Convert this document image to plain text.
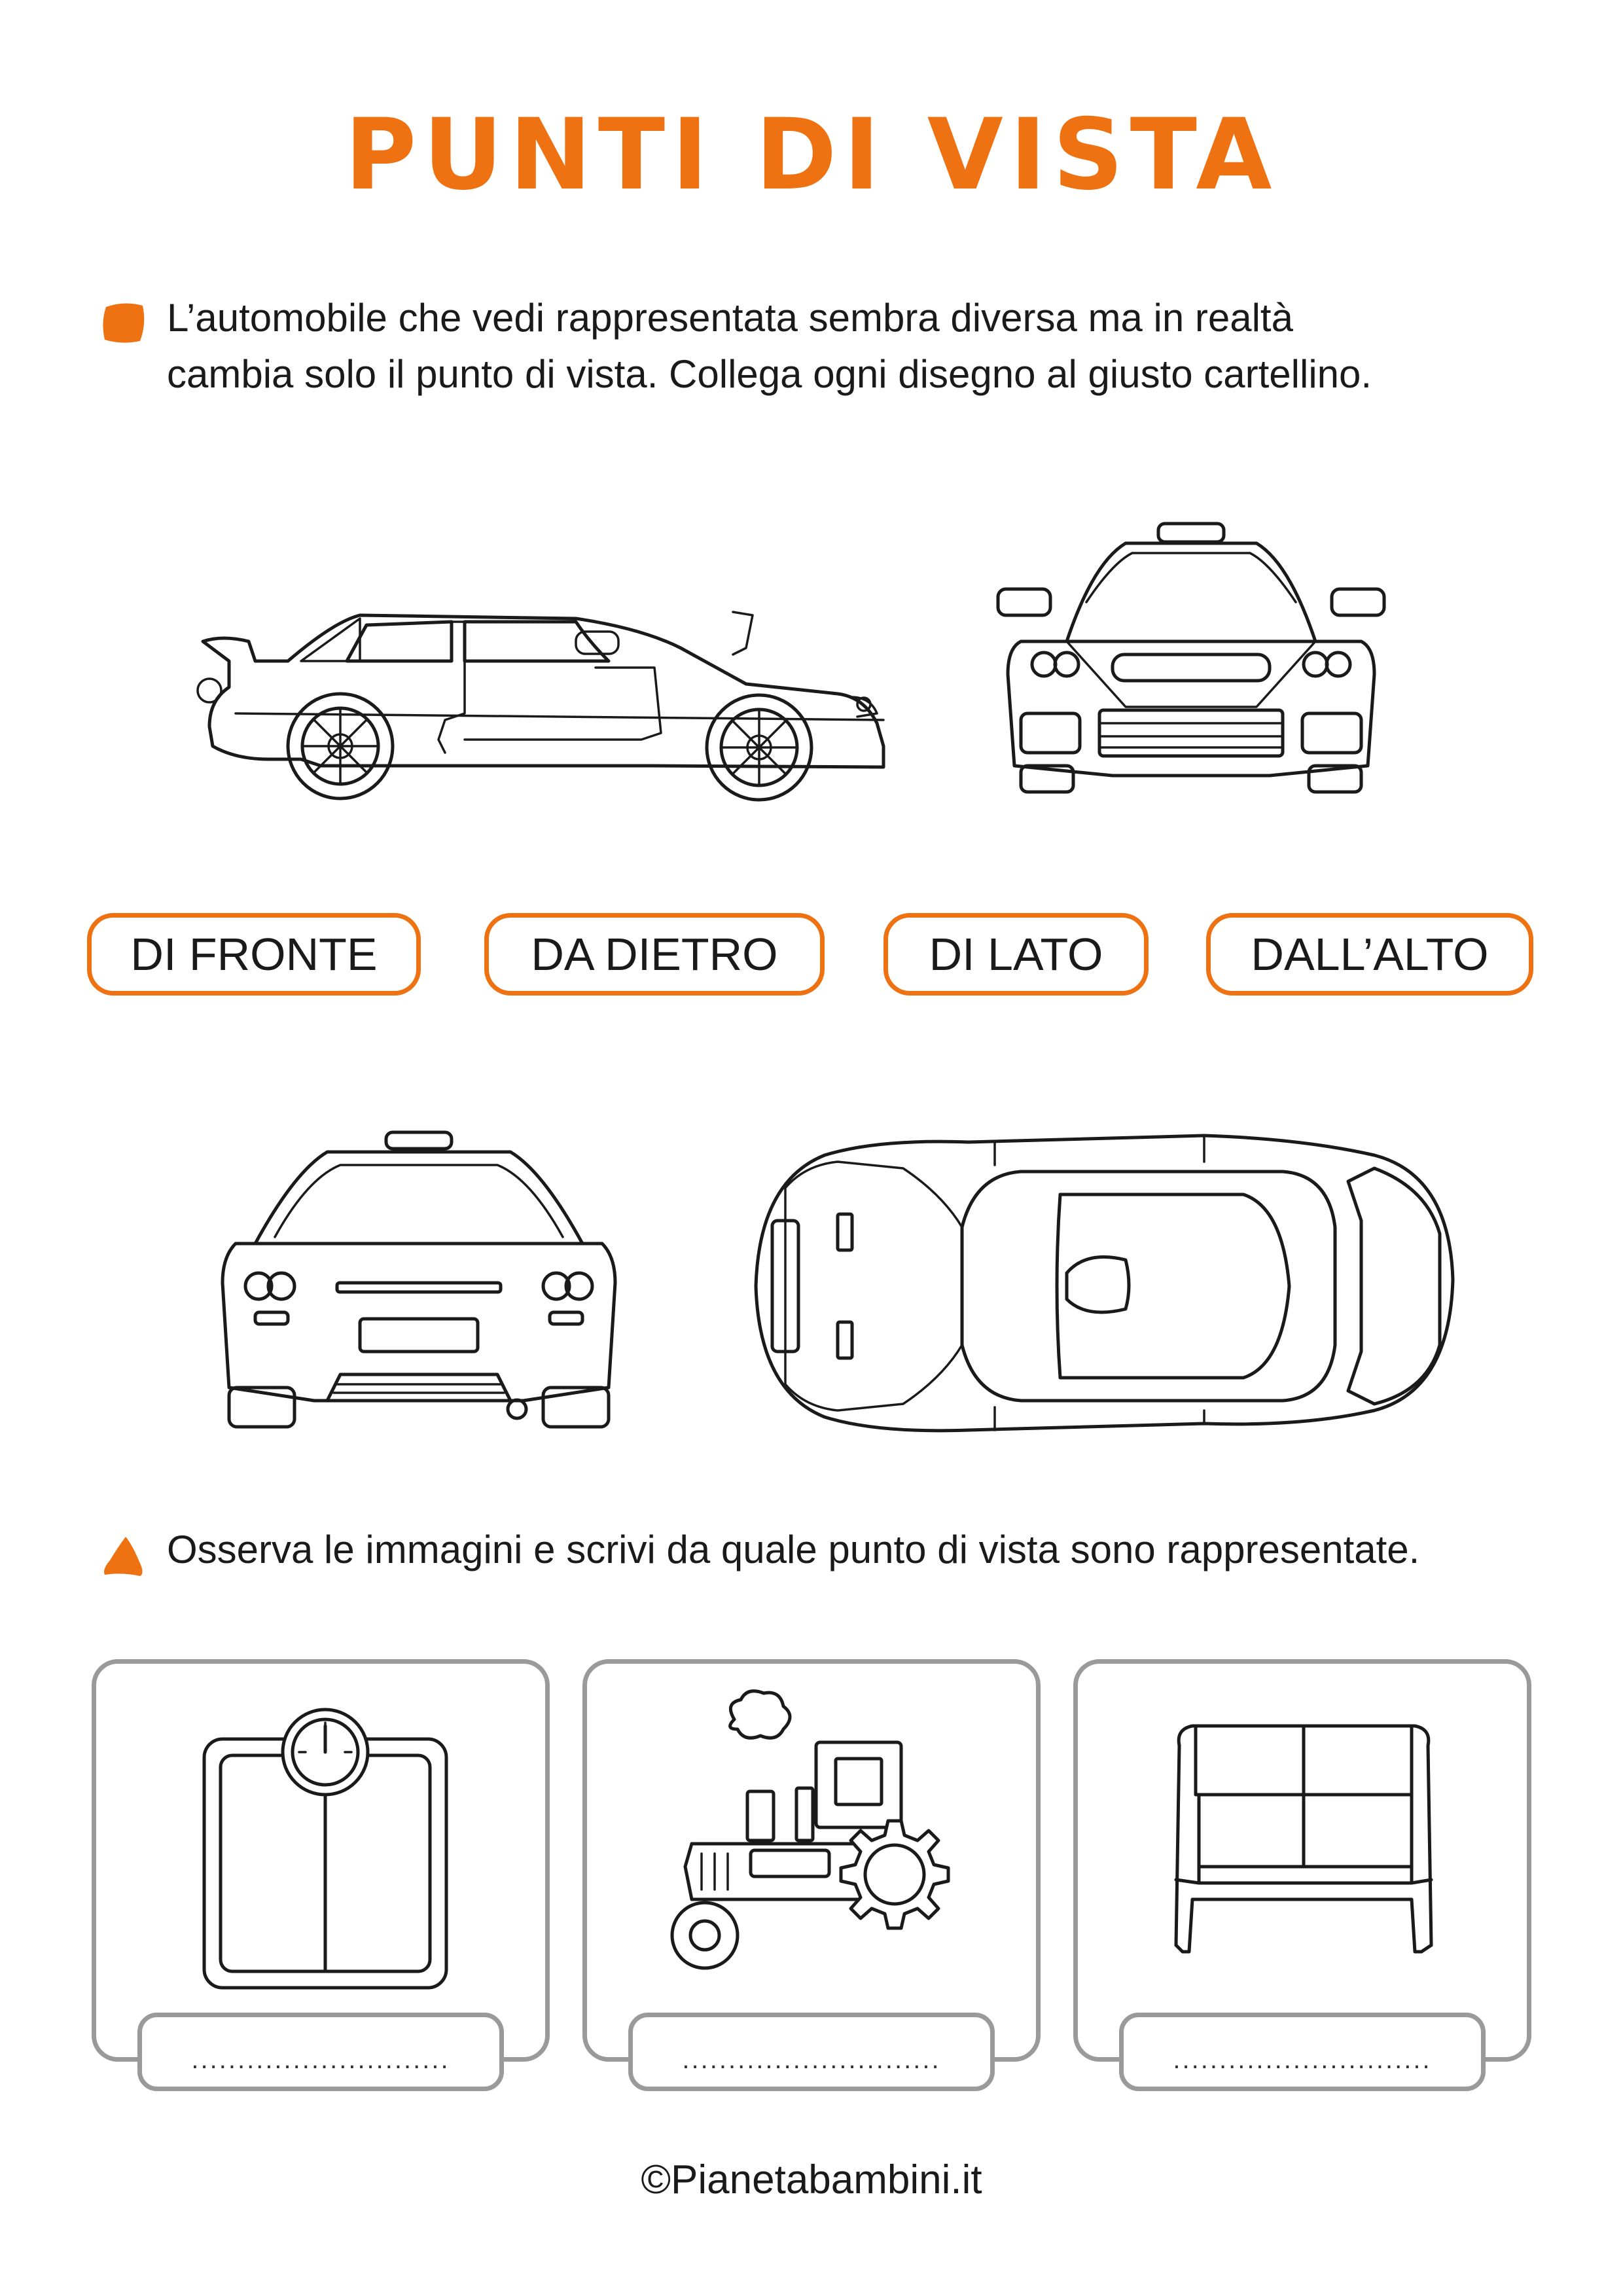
PUNTI DI VISTA
L’automobile che vedi rappresentata sembra diversa ma in realtà
cambia solo il punto di vista. Collega ogni disegno al giusto cartellino.
DI FRONTE	DA DIETRO	DI LATO	DALL’ALTO
Osserva le immagini e scrivi da quale punto di vista sono rappresentate.
............................	............................	............................
©Pianetabambini.it
